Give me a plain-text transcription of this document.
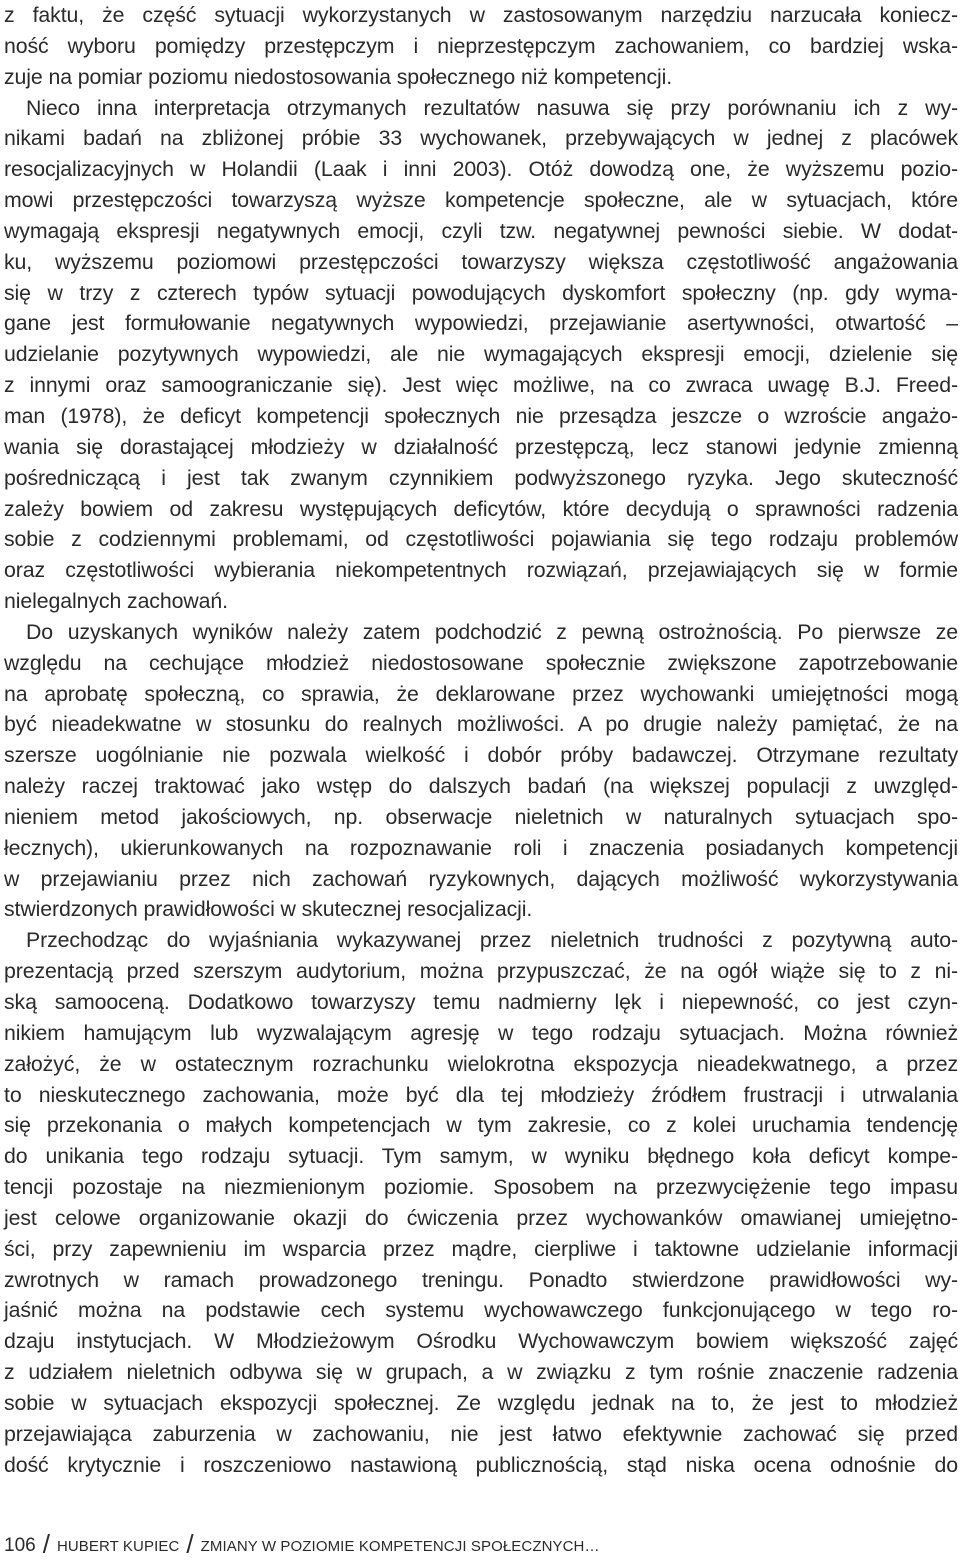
z faktu, że część sytuacji wykorzystanych w zastosowanym narzędziu narzucała koniecz-
ność wyboru pomiędzy przestępczym i nieprzestępczym zachowaniem, co bardziej wska-
zuje na pomiar poziomu niedostosowania społecznego niż kompetencji.
Nieco inna interpretacja otrzymanych rezultatów nasuwa się przy porównaniu ich z wy-
nikami badań na zbliżonej próbie 33 wychowanek, przebywających w jednej z placówek
resocjalizacyjnych w Holandii (Laak i inni 2003). Otóż dowodzą one, że wyższemu pozio-
mowi przestępczości towarzyszą wyższe kompetencje społeczne, ale w sytuacjach, które
wymagają ekspresji negatywnych emocji, czyli tzw. negatywnej pewności siebie. W dodat-
ku, wyższemu poziomowi przestępczości towarzyszy większa częstotliwość angażowania
się w trzy z czterech typów sytuacji powodujących dyskomfort społeczny (np. gdy wyma-
gane jest formułowanie negatywnych wypowiedzi, przejawianie asertywności, otwartość –
udzielanie pozytywnych wypowiedzi, ale nie wymagających ekspresji emocji, dzielenie się
z innymi oraz samoograniczanie się). Jest więc możliwe, na co zwraca uwagę B.J. Freed-
man (1978), że deficyt kompetencji społecznych nie przesądza jeszcze o wzroście angażo-
wania się dorastającej młodzieży w działalność przestępczą, lecz stanowi jedynie zmienną
pośredniczącą i jest tak zwanym czynnikiem podwyższonego ryzyka. Jego skuteczność
zależy bowiem od zakresu występujących deficytów, które decydują o sprawności radzenia
sobie z codziennymi problemami, od częstotliwości pojawiania się tego rodzaju problemów
oraz częstotliwości wybierania niekompetentnych rozwiązań, przejawiających się w formie
nielegalnych zachowań.
Do uzyskanych wyników należy zatem podchodzić z pewną ostrożnością. Po pierwsze ze
względu na cechujące młodzież niedostosowane społecznie zwiększone zapotrzebowanie
na aprobatę społeczną, co sprawia, że deklarowane przez wychowanki umiejętności mogą
być nieadekwatne w stosunku do realnych możliwości. A po drugie należy pamiętać, że na
szersze uogólnianie nie pozwala wielkość i dobór próby badawczej. Otrzymane rezultaty
należy raczej traktować jako wstęp do dalszych badań (na większej populacji z uwzględ-
nieniem metod jakościowych, np. obserwacje nieletnich w naturalnych sytuacjach spo-
łecznych), ukierunkowanych na rozpoznawanie roli i znaczenia posiadanych kompetencji
w przejawianiu przez nich zachowań ryzykownych, dających możliwość wykorzystywania
stwierdzonych prawidłowości w skutecznej resocjalizacji.
Przechodząc do wyjaśniania wykazywanej przez nieletnich trudności z pozytywną auto-
prezentacją przed szerszym audytorium, można przypuszczać, że na ogół wiąże się to z ni-
ską samooceną. Dodatkowo towarzyszy temu nadmierny lęk i niepewność, co jest czyn-
nikiem hamującym lub wyzwalającym agresję w tego rodzaju sytuacjach. Można również
założyć, że w ostatecznym rozrachunku wielokrotna ekspozycja nieadekwatnego, a przez
to nieskutecznego zachowania, może być dla tej młodzieży źródłem frustracji i utrwalania
się przekonania o małych kompetencjach w tym zakresie, co z kolei uruchamia tendencję
do unikania tego rodzaju sytuacji. Tym samym, w wyniku błędnego koła deficyt kompe-
tencji pozostaje na niezmienionym poziomie. Sposobem na przezwyciężenie tego impasu
jest celowe organizowanie okazji do ćwiczenia przez wychowanków omawianej umiejętno-
ści, przy zapewnieniu im wsparcia przez mądre, cierpliwe i taktowne udzielanie informacji
zwrotnych w ramach prowadzonego treningu. Ponadto stwierdzone prawidłowości wy-
jaśnić można na podstawie cech systemu wychowawczego funkcjonującego w tego ro-
dzaju instytucjach. W Młodzieżowym Ośrodku Wychowawczym bowiem większość zajęć
z udziałem nieletnich odbywa się w grupach, a w związku z tym rośnie znaczenie radzenia
sobie w sytuacjach ekspozycji społecznej. Ze względu jednak na to, że jest to młodzież
przejawiająca zaburzenia w zachowaniu, nie jest łatwo efektywnie zachować się przed
dość krytycznie i roszczeniowo nastawioną publicznością, stąd niska ocena odnośnie do
106 / HUBERT KUPIEC / ZMIANY W POZIOMIE KOMPETENCJI SPOŁECZNYCH…
